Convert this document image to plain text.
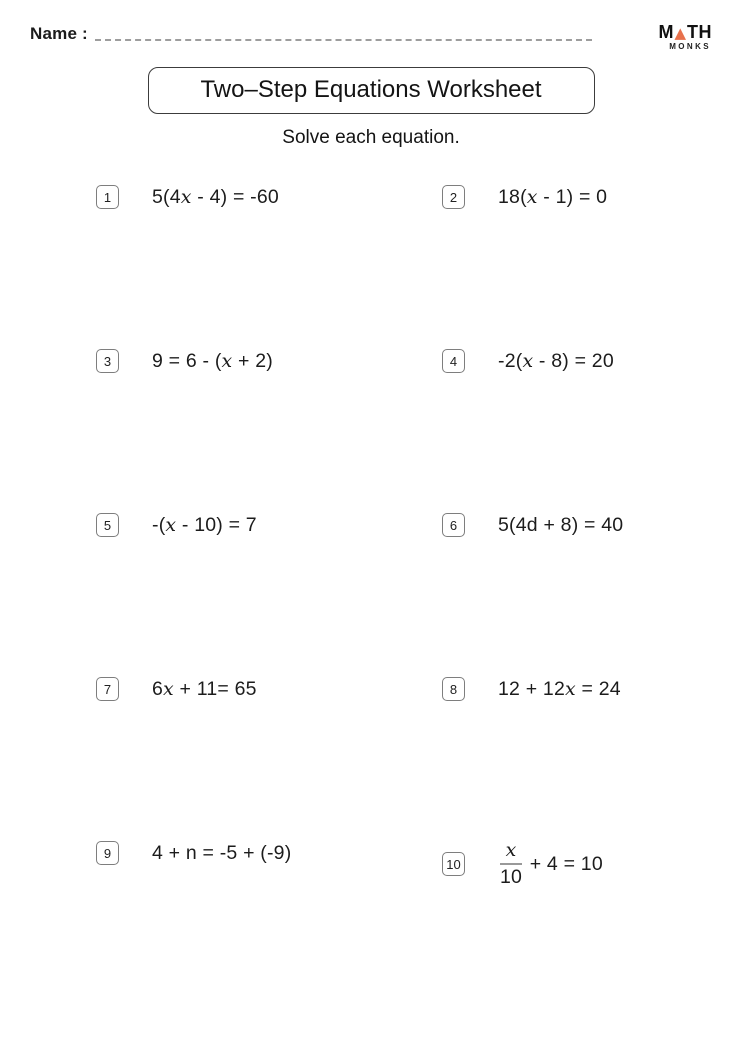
Name :	M ▲ TH
MONKS
Two–Step Equations Worksheet
Solve each equation.
1	5(4 x - 4) = -60	2	18( x - 1) = 0
3	9 = 6 - ( x + 2)	4	-2( x - 8) = 20
5	-( x - 10) = 7	6	5(4d + 8) = 40
7	6 x + 11= 65	8	12 + 12 x = 24
9	4 + n = -5 + (-9)
$10 \frac{x}{10} + 4 = 10$
